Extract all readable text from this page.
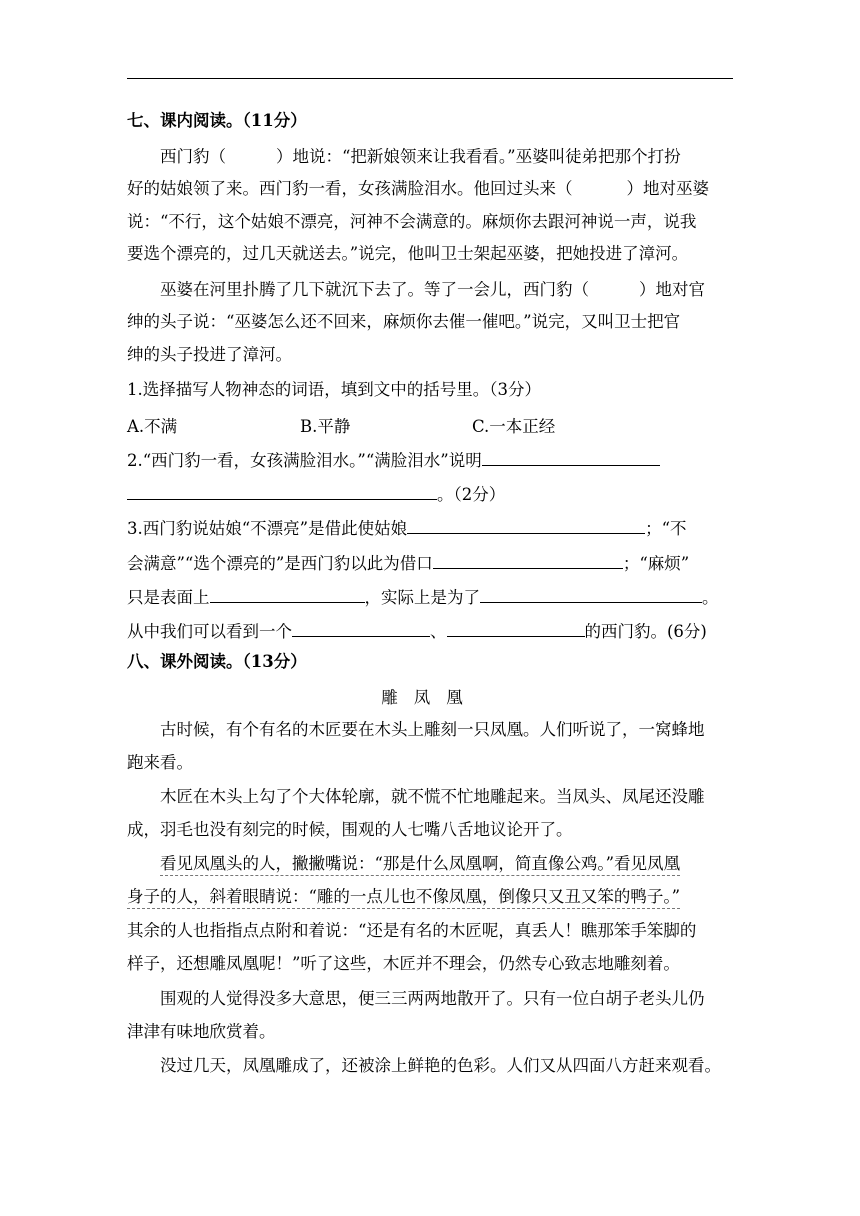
七、课内阅读。（11分）
西门豹（	）地说：“把新娘领来让我看看。”巫婆叫徒弟把那个打扮
好的姑娘领了来。西门豹一看，女孩满脸泪水。他回过头来（	）地对巫婆
说：“不行，这个姑娘不漂亮，河神不会满意的。麻烦你去跟河神说一声，说我
要选个漂亮的，过几天就送去。”说完，他叫卫士架起巫婆，把她投进了漳河。
巫婆在河里扑腾了几下就沉下去了。等了一会儿，西门豹（	）地对官
绅的头子说：“巫婆怎么还不回来，麻烦你去催一催吧。”说完，又叫卫士把官
绅的头子投进了漳河。
1.选择描写人物神态的词语，填到文中的括号里。（3分）
A.不满	B.平静	C.一本正经
2.“西门豹一看，女孩满脸泪水。”“满脸泪水”说明
。（2分）
3.西门豹说姑娘“不漂亮”是借此使姑娘	；“不
会满意”“选个漂亮的”是西门豹以此为借口	；“麻烦”
只是表面上	，实际上是为了	。
从中我们可以看到一个	、	的西门豹。(6分)
八、课外阅读。（13分）
雕凤凰
古时候，有个有名的木匠要在木头上雕刻一只凤凰。人们听说了，一窝蜂地
跑来看。
木匠在木头上勾了个大体轮廓，就不慌不忙地雕起来。当凤头、凤尾还没雕
成，羽毛也没有刻完的时候，围观的人七嘴八舌地议论开了。
看见凤凰头的人，撇撇嘴说：“那是什么凤凰啊，简直像公鸡。”看见凤凰
身子的人，斜着眼睛说：“雕的一点儿也不像凤凰，倒像只又丑又笨的鸭子。”
其余的人也指指点点附和着说：“还是有名的木匠呢，真丢人！瞧那笨手笨脚的
样子，还想雕凤凰呢！”听了这些，木匠并不理会，仍然专心致志地雕刻着。
围观的人觉得没多大意思，便三三两两地散开了。只有一位白胡子老头儿仍
津津有味地欣赏着。
没过几天，凤凰雕成了，还被涂上鲜艳的色彩。人们又从四面八方赶来观看。
